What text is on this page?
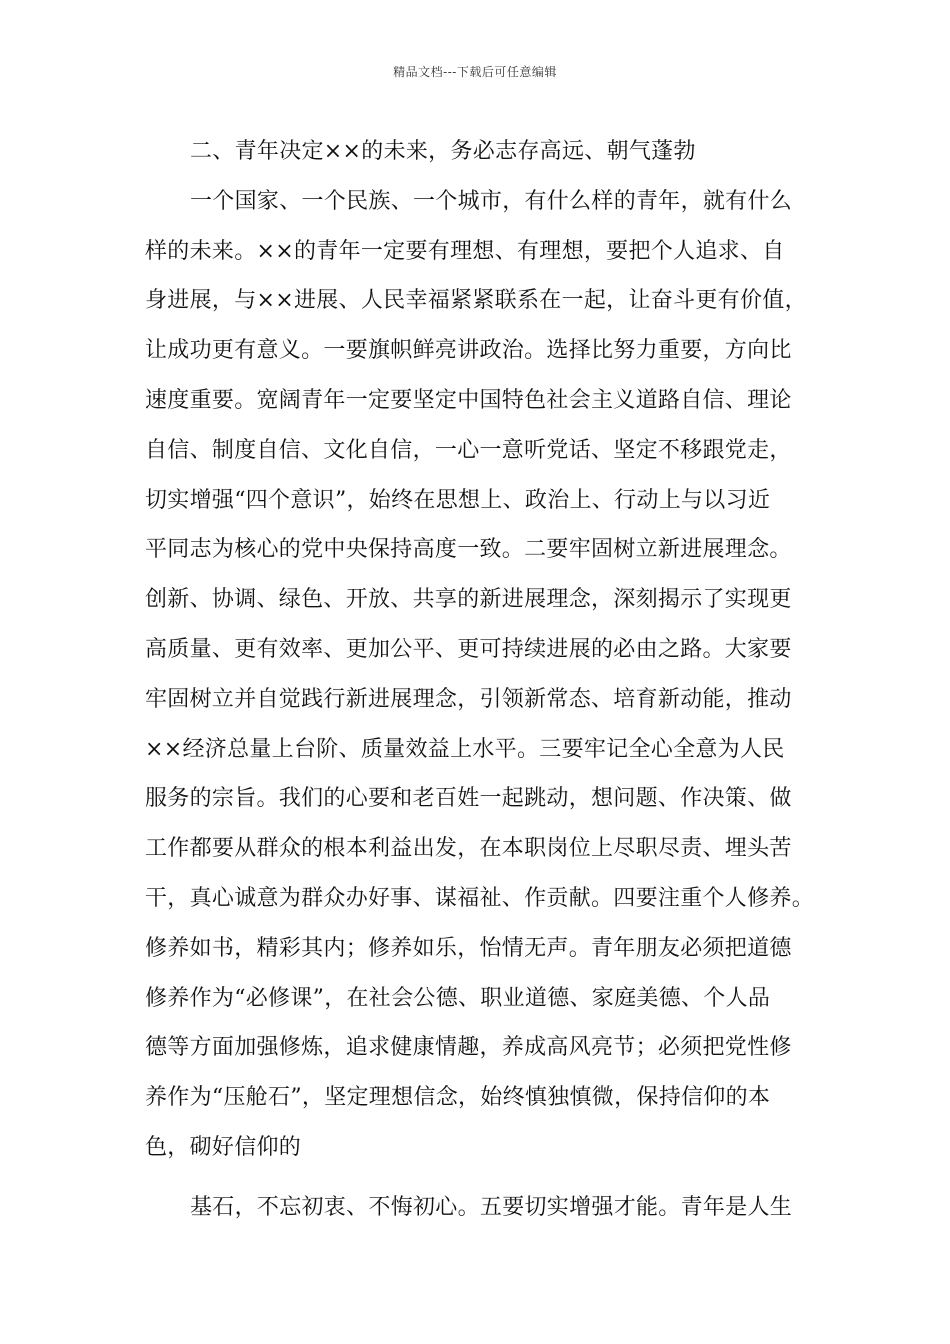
精品文档---下载后可任意编辑
二、青年决定××的未来，务必志存高远、朝气蓬勃
一个国家、一个民族、一个城市，有什么样的青年，就有什么
样的未来。××的青年一定要有理想、有理想，要把个人追求、自
身进展，与××进展、人民幸福紧紧联系在一起，让奋斗更有价值，
让成功更有意义。一要旗帜鲜亮讲政治。选择比努力重要，方向比
速度重要。宽阔青年一定要坚定中国特色社会主义道路自信、理论
自信、制度自信、文化自信，一心一意听党话、坚定不移跟党走，
切实增强“四个意识”，始终在思想上、政治上、行动上与以习近
平同志为核心的党中央保持高度一致。二要牢固树立新进展理念。
创新、协调、绿色、开放、共享的新进展理念，深刻揭示了实现更
高质量、更有效率、更加公平、更可持续进展的必由之路。大家要
牢固树立并自觉践行新进展理念，引领新常态、培育新动能，推动
××经济总量上台阶、质量效益上水平。三要牢记全心全意为人民
服务的宗旨。我们的心要和老百姓一起跳动，想问题、作决策、做
工作都要从群众的根本利益出发，在本职岗位上尽职尽责、埋头苦
干，真心诚意为群众办好事、谋福祉、作贡献。四要注重个人修养。
修养如书，精彩其内；修养如乐，怡情无声。青年朋友必须把道德
修养作为“必修课”，在社会公德、职业道德、家庭美德、个人品
德等方面加强修炼，追求健康情趣，养成高风亮节；必须把党性修
养作为“压舱石”，坚定理想信念，始终慎独慎微，保持信仰的本
色，砌好信仰的
基石，不忘初衷、不悔初心。五要切实增强才能。青年是人生
